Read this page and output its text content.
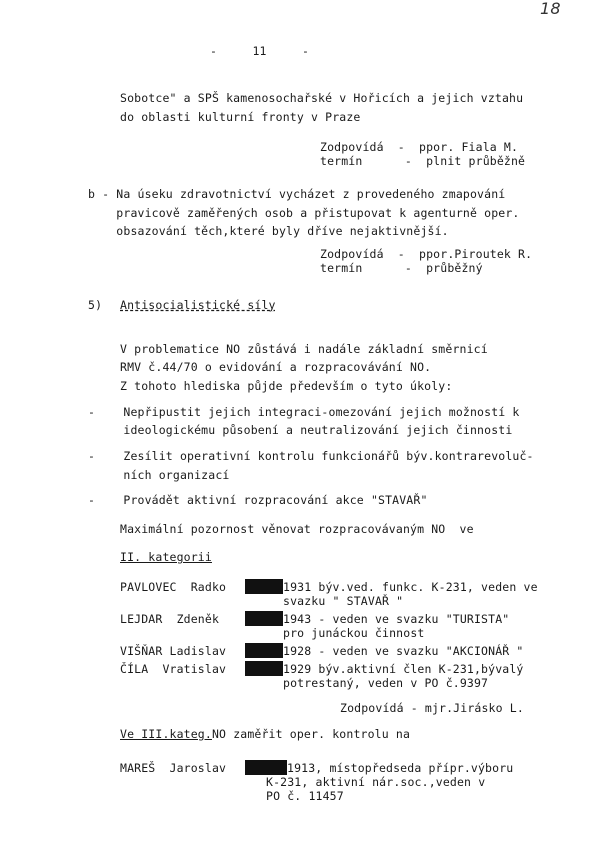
18
-     11     -
Sobotce" a SPŠ kamenosochařské v Hořicích a jejich vztahu
do oblasti kulturní fronty v Praze
Zodpovídá  -  ppor. Fiala M.
termín      -  plnit průběžně
b - Na úseku zdravotnictví vycházet z provedeného zmapování
pravicově zaměřených osob a přistupovat k agenturně oper.
obsazování těch,které byly dříve nejaktivnější.
Zodpovídá  -  ppor.Piroutek R.
termín      -  průběžný
5) Antisocialistické síly
V problematice NO zůstává i nadále základní směrnicí
RMV č.44/70 o evidování a rozpracovávání NO.
Z tohoto hlediska půjde především o tyto úkoly:
-    Nepřipustit jejich integraci-omezování jejich možností k
ideologickému působení a neutralizování jejich činnosti
-    Zesílit operativní kontrolu funkcionářů býv.kontrarevoluč-
ních organizací
-    Provádět aktivní rozpracování akce "STAVAŘ"
Maximální pozornost věnovat rozpracovávaným NO  ve
II. kategorii
PAVLOVEC  Radko	1931 býv.ved. funkc. K-231, veden ve
svazku " STAVAŘ "
LEJDAR  Zdeněk	1943 - veden ve svazku "TURISTA"
pro junáckou činnost
VIŠŇAR Ladislav	1928 - veden ve svazku "AKCIONÁŘ "
ČÍLA  Vratislav	1929 býv.aktivní člen K-231,bývalý
potrestaný, veden v PO č.9397
Zodpovídá - mjr.Jirásko L.
Ve III.kateg.NO zaměřit oper. kontrolu na
MAREŠ  Jaroslav	1913, místopředseda přípr.výboru
K-231, aktivní nár.soc.,veden v
PO č. 11457
